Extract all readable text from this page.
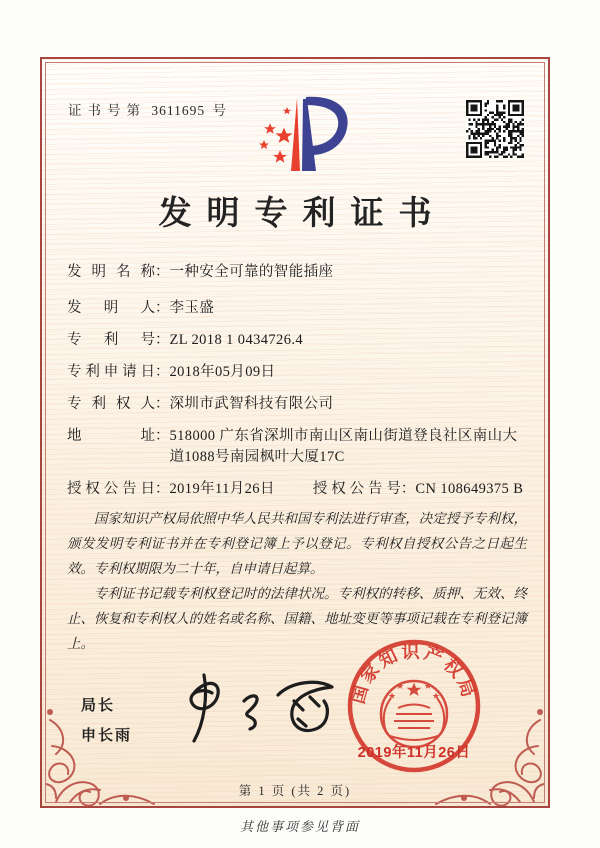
证书号第 3611695 号
发明专利证书
发明名称 ： 一种安全可靠的智能插座
发明人 ： 李玉盛
专利号 ： ZL 2018 1 0434726.4
专利申请日 ： 2018年05月09日
专利权人 ： 深圳市武智科技有限公司
地址 ： 518000 广东省深圳市南山区南山街道登良社区南山大道1088号南园枫叶大厦17C
授权公告日 ： 2019年11月26日	授权公告号 ： CN 108649375 B

国家知识产权局依照中华人民共和国专利法进行审查，决定授予专利权，颁发发明专利证书并在专利登记簿上予以登记。专利权自授权公告之日起生效。专利权期限为二十年，自申请日起算。

专利证书记载专利权登记时的法律状况。专利权的转移、质押、无效、终止、恢复和专利权人的姓名或名称、国籍、地址变更等事项记载在专利登记簿上。

局长
申长雨
国家知识产权局
2019年11月26日
第 1 页 (共 2 页)
其他事项参见背面
